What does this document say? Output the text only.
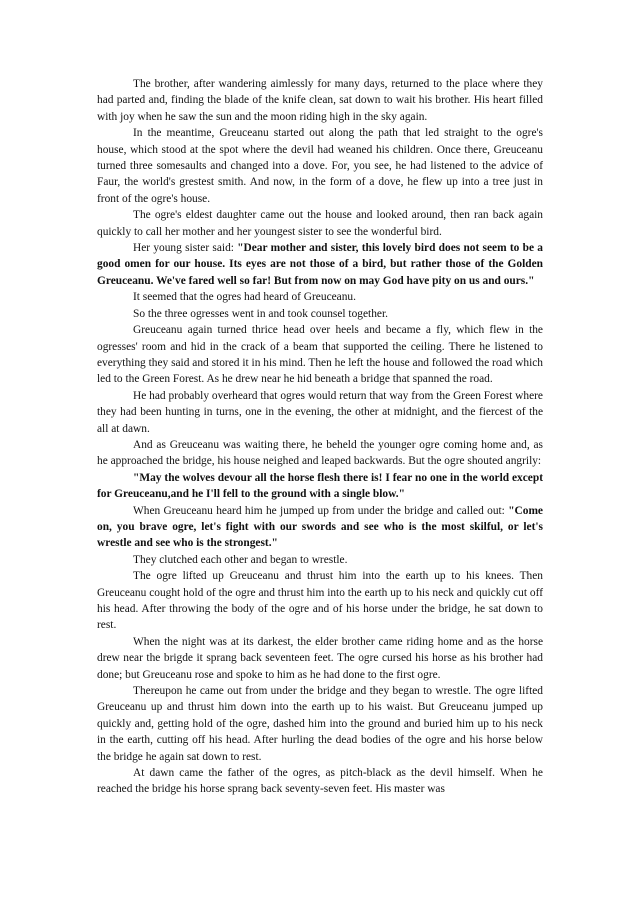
The brother, after wandering aimlessly for many days, returned to the place where they had parted and, finding the blade of the knife clean, sat down to wait his brother. His heart filled with joy when he saw the sun and the moon riding high in the sky again.

In the meantime, Greuceanu started out along the path that led straight to the ogre's house, which stood at the spot where the devil had weaned his children. Once there, Greuceanu turned three somesaults and changed into a dove. For, you see, he had listened to the advice of Faur, the world's grestest smith. And now, in the form of a dove, he flew up into a tree just in front of the ogre's house.

The ogre's eldest daughter came out the house and looked around, then ran back again quickly to call her mother and her youngest sister to see the wonderful bird.

Her young sister said: "Dear mother and sister, this lovely bird does not seem to be a good omen for our house. Its eyes are not those of a bird, but rather those of the Golden Greuceanu. We've fared well so far! But from now on may God have pity on us and ours."

It seemed that the ogres had heard of Greuceanu.

So the three ogresses went in and took counsel together.

Greuceanu again turned thrice head over heels and became a fly, which flew in the ogresses' room and hid in the crack of a beam that supported the ceiling. There he listened to everything they said and stored it in his mind. Then he left the house and followed the road which led to the Green Forest. As he drew near he hid beneath a bridge that spanned the road.

He had probably overheard that ogres would return that way from the Green Forest where they had been hunting in turns, one in the evening, the other at midnight, and the fiercest of the all at dawn.

And as Greuceanu was waiting there, he beheld the younger ogre coming home and, as he approached the bridge, his house neighed and leaped backwards. But the ogre shouted angrily:

"May the wolves devour all the horse flesh there is! I fear no one in the world except for Greuceanu,and he I'll fell to the ground with a single blow."

When Greuceanu heard him he jumped up from under the bridge and called out: "Come on, you brave ogre, let's fight with our swords and see who is the most skilful, or let's wrestle and see who is the strongest."

They clutched each other and began to wrestle.

The ogre lifted up Greuceanu and thrust him into the earth up to his knees. Then Greuceanu cought hold of the ogre and thrust him into the earth up to his neck and quickly cut off his head. After throwing the body of the ogre and of his horse under the bridge, he sat down to rest.

When the night was at its darkest, the elder brother came riding home and as the horse drew near the brigde it sprang back seventeen feet. The ogre cursed his horse as his brother had done; but Greuceanu rose and spoke to him as he had done to the first ogre.

Thereupon he came out from under the bridge and they began to wrestle. The ogre lifted Greuceanu up and thrust him down into the earth up to his waist. But Greuceanu jumped up quickly and, getting hold of the ogre, dashed him into the ground and buried him up to his neck in the earth, cutting off his head. After hurling the dead bodies of the ogre and his horse below the bridge he again sat down to rest.

At dawn came the father of the ogres, as pitch-black as the devil himself. When he reached the bridge his horse sprang back seventy-seven feet. His master was
